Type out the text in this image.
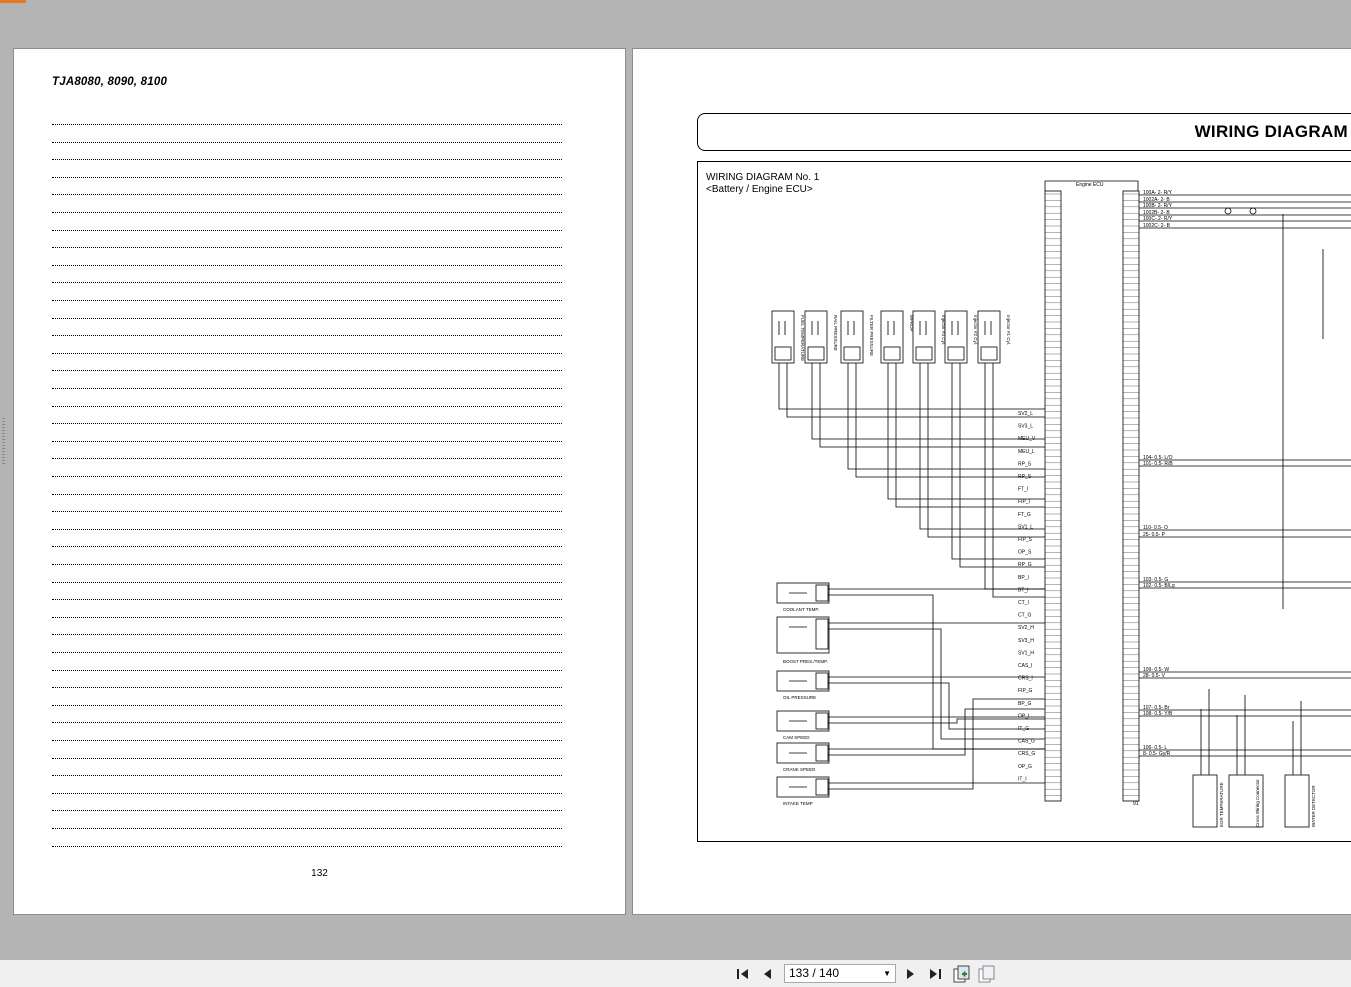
TJA8080, 8090, 8100
132
WIRING DIAGRAM
WIRING DIAGRAM No. 1
<Battery / Engine ECU>	Engine ECU
FUEL TEMPERATURE	RAIL PRESSURE	FILTER PRESSURE	MPROP	Injector #3 Cyl.	Injector #2 Cyl.	Injector #1 Cyl.
COOLANT TEMP.
BOOST PRES./TEMP.
OIL PRESSURE
CAM SPEED
CRANK SPEED
INTAKE TEMP
SV2_L
SV3_L
MEU_V
MEU_L
RP_S
RP_S
FT_I
FIP_I
FT_G
SV1_L
FIP_S
OP_S
RP_G
BP_I
BT_I
CT_I
CT_G
SV2_H
SV3_H
SV1_H
CAS_I
CRS_I
FIP_G
BP_G
OP_I
IT_G
CAS_G
CRS_G
OP_G
IT_I
100A- 2- R/Y
1002A- 2- B
100B- 2- R/Y
1002B- 2- B
100C- 2- R/Y
1002C- 2- B
104- 0.5- L/O
101- 0.5- R/B
110- 0.5- O
25- 0.5- P
103- 0.5- G
102- 0.5- B/Lg
109- 0.5- W
28- 0.5- V
107- 0.5- Br
108- 0.5- Y/B
106- 0.5- L
8- 0.5- Gy/R
EGR TEMPERATURE	Cross Wiring Connector	WATER DETECTOR
91
133 / 140	▼
